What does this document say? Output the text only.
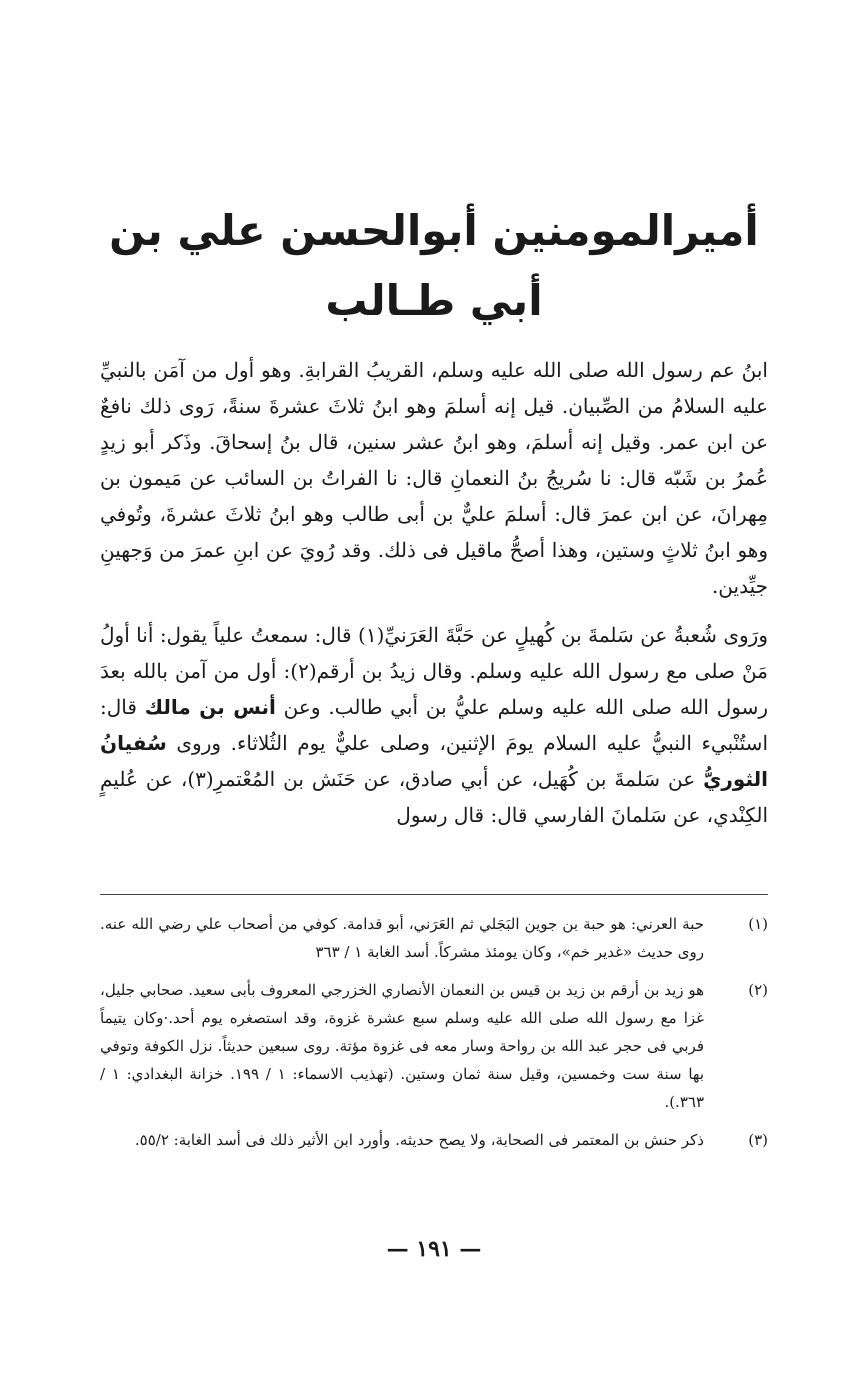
أميرالمومنين أبوالحسن علي بن أبي طـالب

ابنُ عم رسول الله صلى الله عليه وسلم، القريبُ القرابةِ. وهو أول من آمَن بالنبيِّ عليه السلامُ من الصِّبيان. قيل إنه أسلمَ وهو ابنُ ثلاثَ عشرةَ سنةً، رَوى ذلك نافعٌ عن ابن عمر. وقيل إنه أسلمَ، وهو ابنُ عشر سنين، قال بنُ إسحاقَ. وذَكر أبو زيدٍ عُمرُ بن شَبّه قال: نا سُريجُ بنُ النعمانِ قال: نا الفراتُ بن السائب عن مَيمون بن مِهرانَ، عن ابن عمرَ قال: أسلمَ عليٌّ بن أبى طالب وهو ابنُ ثلاثَ عشرةَ، وتُوفي وهو ابنُ ثلاثٍ وستين، وهذا أصحُّ ماقيل فى ذلك. وقد رُويَ عن ابنِ عمرَ من وَجهينِ جيِّدين.

ورَوى شُعبةُ عن سَلمةَ بن كُهيلٍ عن حَبَّةَ العَرَنيِّ(١) قال: سمعتُ علياً يقول: أنا أولُ مَنْ صلى مع رسول الله عليه وسلم. وقال زيدُ بن أرقم(٢): أول من آمن بالله بعدَ رسول الله صلى الله عليه وسلم عليُّ بن أبي طالب. وعن أنس بن مالك قال: استُنْبيء النبيُّ عليه السلام يومَ الإثنين، وصلى عليٌّ يوم الثُلاثاء. وروى سُفيانُ الثوريُّ عن سَلمةَ بن كُهَيل، عن أبي صادق، عن حَنَش بن المُعْتمرِ(٣)، عن عُليمٍ الكِنْدي، عن سَلمانَ الفارسي قال: قال رسول

(١)
حبة العرني: هو حبة بن جوين البَجَلي ثم العَرَني، أبو قدامة. كوفي من أصحاب علي رضي الله عنه. روى حديث «غدير خم»، وكان يومئذ مشركاً. أسد الغابة ١ / ٣٦٣
(٢)
هو زيد بن أرقم بن زيد بن قيس بن النعمان الأنصاري الخزرجي المعروف بأبى سعيد. صحابي جليل، غزا مع رسول الله صلى الله عليه وسلم سبع عشرة غزوة، وقد استصغره يوم أحد.·وكان يتيماً فربي فى حجر عبد الله بن رواحة وسار معه فى غزوة مؤتة. روى سبعين حديثاً. نزل الكوفة وتوفي بها سنة ست وخمسين، وقيل سنة ثمان وستين. (تهذيب الاسماء: ١ / ١٩٩. خزانة البغدادي: ١ / ٣٦٣.).
(٣)
ذكر حنش بن المعتمر فى الصحابة، ولا يصح حديثه. وأورد ابن الأثير ذلك فى أسد الغابة: ٥٥/٢.
— ١٩١ —
